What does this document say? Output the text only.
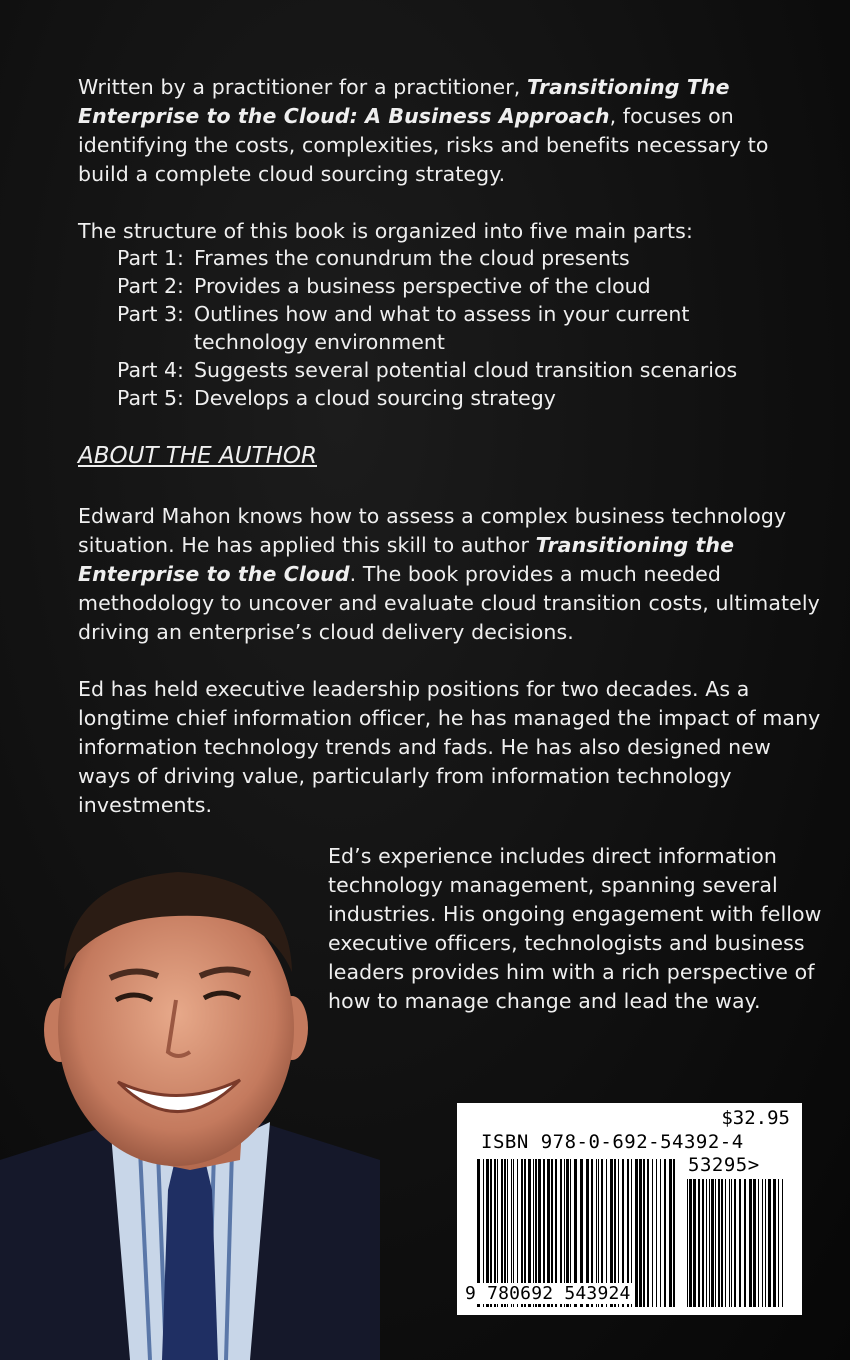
Written by a practitioner for a practitioner, Transitioning The Enterprise to the Cloud: A Business Approach, focuses on identifying the costs, complexities, risks and benefits necessary to build a complete cloud sourcing strategy.

The structure of this book is organized into five main parts:

Part 1: Frames the conundrum the cloud presents
Part 2: Provides a business perspective of the cloud
Part 3: Outlines how and what to assess in your current technology environment
Part 4: Suggests several potential cloud transition scenarios
Part 5: Develops a cloud sourcing strategy
ABOUT THE AUTHOR

Edward Mahon knows how to assess a complex business technology situation. He has applied this skill to author Transitioning the Enterprise to the Cloud. The book provides a much needed methodology to uncover and evaluate cloud transition costs, ultimately driving an enterprise’s cloud delivery decisions.

Ed has held executive leadership positions for two decades. As a longtime chief information officer, he has managed the impact of many information technology trends and fads. He has also designed new ways of driving value, particularly from information technology investments.

Ed’s experience includes direct information technology management, spanning several industries. His ongoing engagement with fellow executive officers, technologists and business leaders provides him with a rich perspective of how to manage change and lead the way.

$32.95
ISBN 978-0-692-54392-4
53295>
9 780692 543924
